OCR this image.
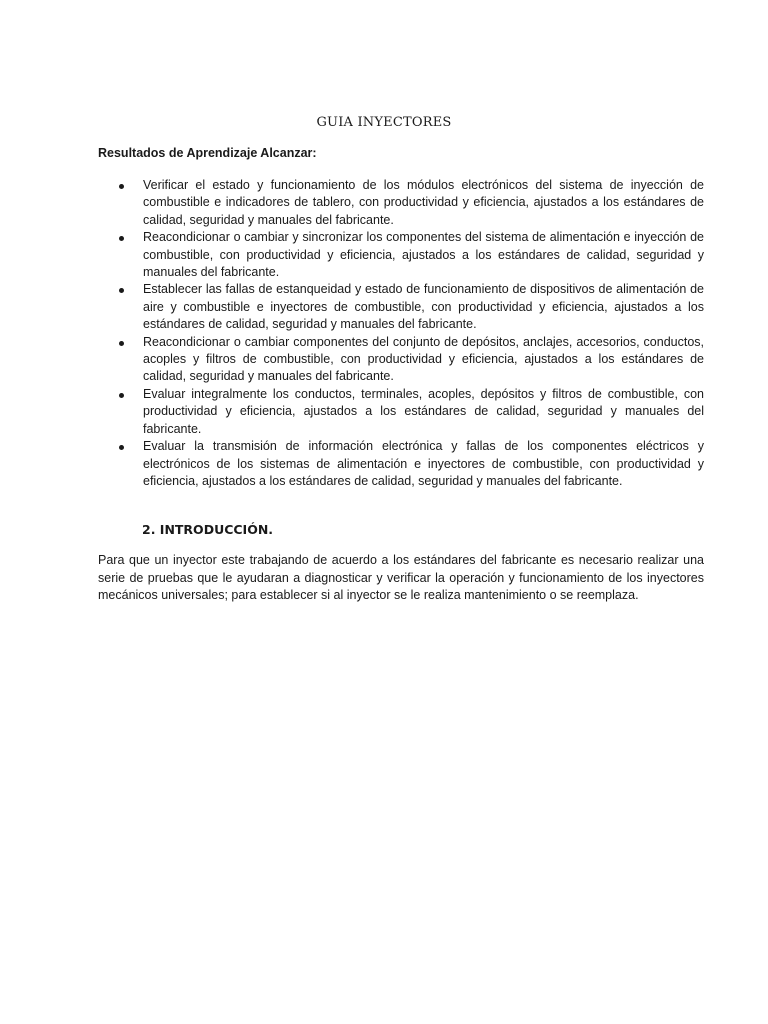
GUIA INYECTORES
Resultados de Aprendizaje Alcanzar:
Verificar el estado y funcionamiento de los módulos electrónicos del sistema de inyección de combustible e indicadores de tablero, con productividad y eficiencia, ajustados a los estándares de calidad, seguridad y manuales del fabricante.
Reacondicionar o cambiar y sincronizar los componentes del sistema de alimentación e inyección de combustible, con productividad y eficiencia, ajustados a los estándares de calidad, seguridad y manuales del fabricante.
Establecer las fallas de estanqueidad y estado de funcionamiento de dispositivos de alimentación de aire y combustible e inyectores de combustible, con productividad y eficiencia, ajustados a los estándares de calidad, seguridad y manuales del fabricante.
Reacondicionar o cambiar componentes del conjunto de depósitos, anclajes, accesorios, conductos, acoples y filtros de combustible, con productividad y eficiencia, ajustados a los estándares de calidad, seguridad y manuales del fabricante.
Evaluar integralmente los conductos, terminales, acoples, depósitos y filtros de combustible, con productividad y eficiencia, ajustados a los estándares de calidad, seguridad y manuales del fabricante.
Evaluar la transmisión de información electrónica y fallas de los componentes eléctricos y electrónicos de los sistemas de alimentación e inyectores de combustible, con productividad y eficiencia, ajustados a los estándares de calidad, seguridad y manuales del fabricante.
2. INTRODUCCIÓN.

Para que un inyector este trabajando de acuerdo a los estándares del fabricante es necesario realizar una serie de pruebas que le ayudaran a diagnosticar y verificar la operación y funcionamiento de los inyectores mecánicos universales; para establecer si al inyector se le realiza mantenimiento o se reemplaza.
